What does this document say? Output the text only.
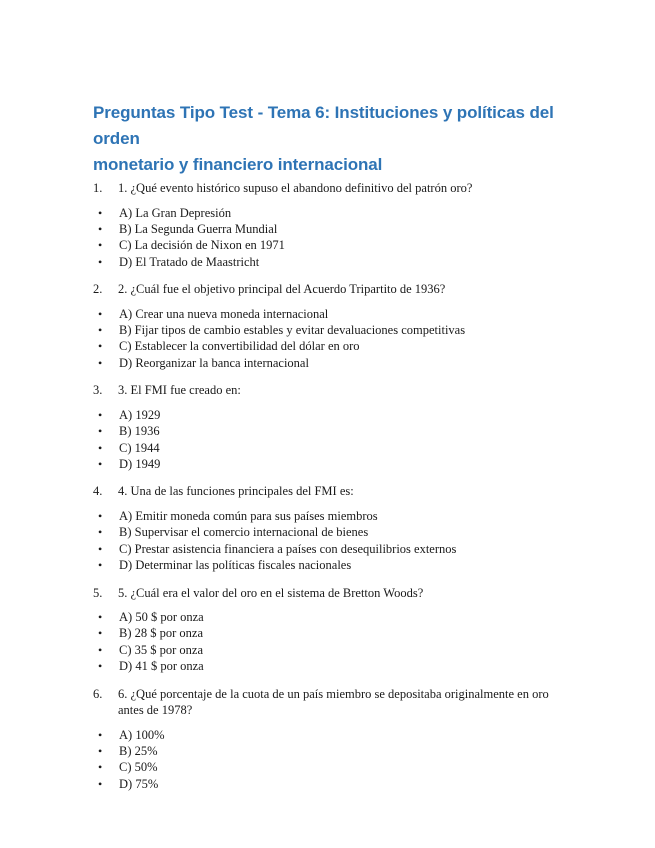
Preguntas Tipo Test - Tema 6: Instituciones y políticas del orden
monetario y financiero internacional
1.	1. ¿Qué evento histórico supuso el abandono definitivo del patrón oro?
•	A) La Gran Depresión
•	B) La Segunda Guerra Mundial
•	C) La decisión de Nixon en 1971
•	D) El Tratado de Maastricht
2.	2. ¿Cuál fue el objetivo principal del Acuerdo Tripartito de 1936?
•	A) Crear una nueva moneda internacional
•	B) Fijar tipos de cambio estables y evitar devaluaciones competitivas
•	C) Establecer la convertibilidad del dólar en oro
•	D) Reorganizar la banca internacional
3.	3. El FMI fue creado en:
•	A) 1929
•	B) 1936
•	C) 1944
•	D) 1949
4.	4. Una de las funciones principales del FMI es:
•	A) Emitir moneda común para sus países miembros
•	B) Supervisar el comercio internacional de bienes
•	C) Prestar asistencia financiera a países con desequilibrios externos
•	D) Determinar las políticas fiscales nacionales
5.	5. ¿Cuál era el valor del oro en el sistema de Bretton Woods?
•	A) 50 $ por onza
•	B) 28 $ por onza
•	C) 35 $ por onza
•	D) 41 $ por onza
6.	6. ¿Qué porcentaje de la cuota de un país miembro se depositaba originalmente en oro antes de 1978?
•	A) 100%
•	B) 25%
•	C) 50%
•	D) 75%
